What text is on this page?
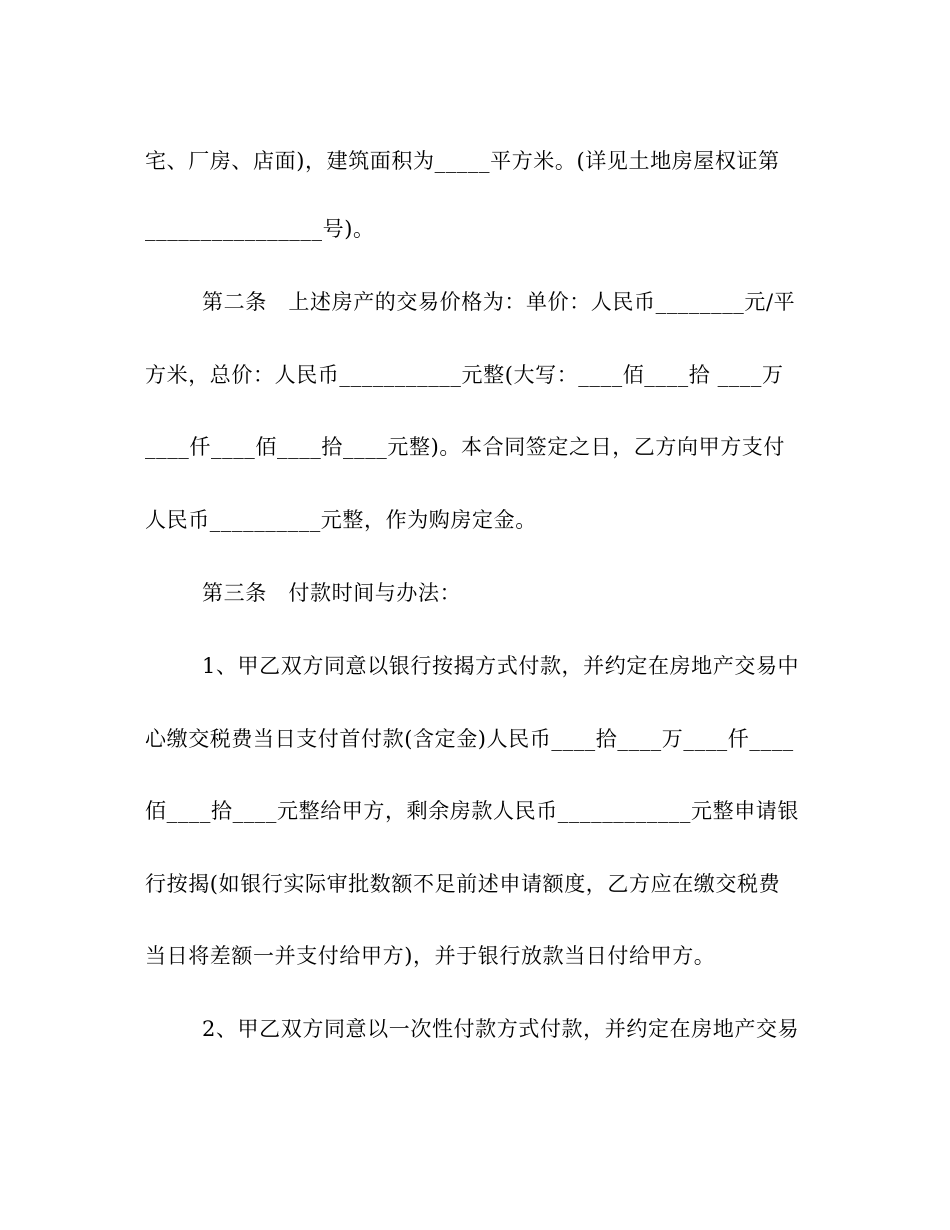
宅、厂房、店面)，建筑面积为_____平方米。(详见土地房屋权证第
________________号)。
第二条　上述房产的交易价格为：单价：人民币________元/平
方米，总价：人民币___________元整(大写：____佰____拾 ____万
____仟____佰____拾____元整)。本合同签定之日，乙方向甲方支付
人民币__________元整，作为购房定金。
第三条　付款时间与办法：
1、甲乙双方同意以银行按揭方式付款，并约定在房地产交易中
心缴交税费当日支付首付款(含定金)人民币____拾____万____仟____
佰____拾____元整给甲方，剩余房款人民币____________元整申请银
行按揭(如银行实际审批数额不足前述申请额度，乙方应在缴交税费
当日将差额一并支付给甲方)，并于银行放款当日付给甲方。
2、甲乙双方同意以一次性付款方式付款，并约定在房地产交易
